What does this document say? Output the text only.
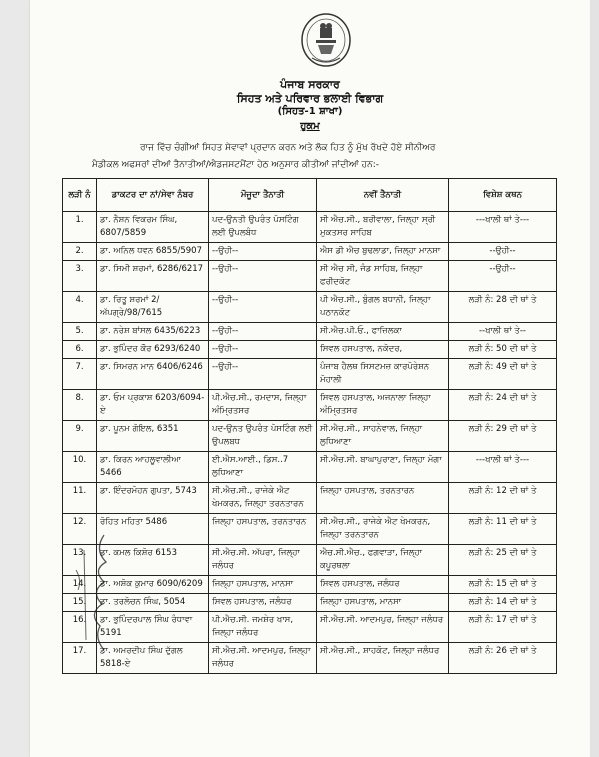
ਪੰਜਾਬ ਸਰਕਾਰ
ਸਿਹਤ ਅਤੇ ਪਰਿਵਾਰ ਭਲਾਈ ਵਿਭਾਗ
(ਸਿਹਤ-1 ਸ਼ਾਖਾ)
ਹੁਕਮ
ਰਾਜ ਵਿੱਚ ਚੰਗੀਆਂ ਸਿਹਤ ਸੇਵਾਵਾਂ ਪ੍ਰਦਾਨ ਕਰਨ ਅਤੇ ਲੋਕ ਹਿਤ ਨੂੰ ਮੁੱਖ ਰੱਖਦੇ ਹੋਏ ਸੀਨੀਅਰ
ਮੈਡੀਕਲ ਅਫਸਰਾਂ ਦੀਆਂ ਤੈਨਾਤੀਆਂ/ਐਡਜਸਟਮੈਂਟਾ ਹੇਠ ਅਨੁਸਾਰ ਕੀਤੀਆਂ ਜਾਂਦੀਆਂ ਹਨ:-
ਲੜੀ ਨੰ	ਡਾਕਟਰ ਦਾ ਨਾਂ/ਸੇਵਾ ਨੰਬਰ	ਮੌਜੂਦਾ ਤੈਨਾਤੀ	ਨਵੀਂ ਤੈਨਾਤੀ	ਵਿਸ਼ੇਸ਼ ਕਥਨ
1.	ਡਾ. ਨੈਸ਼ਨ ਵਿਕਰਮ ਸਿੰਘ, 6807/5859	ਪਦ-ਉਨਤੀ ਉਪਰੰਤ ਪੋਸਟਿੰਗ ਲਈ ਉਪਲਬੰਧ	ਸੀ ਐਚ.ਸੀ., ਬਰੀਵਾਲਾ, ਜਿਲ੍ਹਾ ਸ੍ਰੀ ਮੁਕਤਸਰ ਸਾਹਿਬ	---ਖਾਲੀ ਥਾਂ ਤੇ---
2.	ਡਾ. ਅਨਿਲ ਧਵਨ 6855/5907	--ਉਹੀ--	ਐਸ ਡੀ ਐਚ ਬੁਢਲਾਡਾ, ਜਿਲ੍ਹਾ ਮਾਨਸਾ	--ਉਹੀ--
3.	ਡਾ. ਸਿਮੀ ਸ਼ਰਮਾਂ, 6286/6217	--ਉਹੀ--	ਸੀ ਐਚ ਸੀ, ਜੰਡ ਸਾਹਿਬ, ਜਿਲ੍ਹਾ ਫਰੀਦਕੋਟ	--ਉਹੀ--
4.	ਡਾ. ਰਿਤੂ ਸ਼ਰਮਾਂ 2/ਅੱਪਗ੍ਰੇ/98/7615	--ਉਹੀ--	ਪੀ ਐਚ.ਸੀ., ਬੁੰਗਲ ਬਧਾਨੀ, ਜਿਲ੍ਹਾ ਪਠਾਨਕੋਟ	ਲੜੀ ਨੰ: 28 ਦੀ ਥਾਂ ਤੇ
5.	ਡਾ. ਨਰੇਸ਼ ਬਾਂਸਲ 6435/6223	--ਉਹੀ--	ਸੀ.ਐਚ.ਪੀ.ਓ., ਫਾਜ਼ਿਲਕਾ	--ਖਾਲੀ ਥਾਂ ਤੇ--
6.	ਡਾ. ਭੁਪਿੰਦਰ ਕੌਰ 6293/6240	--ਉਹੀ--	ਸਿਵਲ ਹਸਪਤਾਲ, ਨਕੋਦਰ,	ਲੜੀ ਨੰ: 50 ਦੀ ਥਾਂ ਤੇ
7.	ਡਾ. ਸਿਮਰਨ ਮਾਨ 6406/6246	--ਉਹੀ--	ਪੰਜਾਬ ਹੈਲਥ ਸਿਸਟਮਜ਼ ਕਾਰਪੋਰੇਸ਼ਨ ਮੋਹਾਲੀ	ਲੜੀ ਨੰ: 49 ਦੀ ਥਾਂ ਤੇ
8.	ਡਾ. ਓਮ ਪ੍ਰਕਾਸ਼ 6203/6094-ਏ	ਪੀ.ਐਚ.ਸੀ., ਰਮਦਾਸ, ਜਿਲ੍ਹਾ ਅੰਮ੍ਰਿਤਸਰ	ਸਿਵਲ ਹਸਪਤਾਲ, ਅਜਨਾਲਾ ਜਿਲ੍ਹਾ ਅੰਮ੍ਰਿਤਸਰ	ਲੜੀ ਨੰ: 24 ਦੀ ਥਾਂ ਤੇ
9.	ਡਾ. ਪੂਨਮ ਗੋਇਲ, 6351	ਪਦ-ਉਨਤ ਉਪਰੰਤ ਪੋਸਟਿੰਗ ਲਈ ਉਪਲਬਧ	ਸੀ.ਐਚ.ਸੀ., ਸਾਹਨੇਵਾਲ, ਜਿਲ੍ਹਾ ਲੁਧਿਆਣਾ	ਲੜੀ ਨੰ: 29 ਦੀ ਥਾਂ ਤੇ
10.	ਡਾ. ਕਿਰਨ ਆਹਲੂਵਾਲੀਆ 5466	ਈ.ਐਸ.ਆਈ., ਡਿਸ..7 ਲੁਧਿਆਣਾ	ਸੀ.ਐਚ.ਸੀ. ਬਾਘਾਪੁਰਾਣਾ, ਜਿਲ੍ਹਾ ਮੋਗਾ	---ਖਾਲੀ ਥਾਂ ਤੇ---
11.	ਡਾ. ਇੰਦਰਮੋਹਨ ਗੁਪਤਾ, 5743	ਸੀ.ਐਚ.ਸੀ., ਰਾਜੇਕੇ ਐਟ ਖੇਮਕਰਨ, ਜਿਲ੍ਹਾ ਤਰਨਤਾਰਨ	ਜਿਲ੍ਹਾ ਹਸਪਤਾਲ, ਤਰਨਤਾਰਨ	ਲੜੀ ਨੰ: 12 ਦੀ ਥਾਂ ਤੇ
12.	ਰੋਹਿਤ ਮਹਿਤਾ 5486	ਜਿਲ੍ਹਾ ਹਸਪਤਾਲ, ਤਰਨਤਾਰਨ	ਸੀ.ਐਚ.ਸੀ., ਰਾਜੇਕੇ ਐਟ ਖੇਮਕਰਨ, ਜਿਲ੍ਹਾ ਤਰਨਤਾਰਨ	ਲੜੀ ਨੰ: 11 ਦੀ ਥਾਂ ਤੇ
13.	ਡਾ. ਕਮਲ ਕਿਸ਼ੋਰ 6153	ਸੀ.ਐਚ.ਸੀ. ਅੱਪਰਾ, ਜਿਲ੍ਹਾ ਜਲੰਧਰ	ਐਚ.ਸੀ.ਐਚ., ਫਗਵਾੜਾ, ਜਿਲ੍ਹਾ ਕਪੂਰਥਲਾ	ਲੜੀ ਨੰ: 25 ਦੀ ਥਾਂ ਤੇ
14.	ਡਾ. ਅਸ਼ੋਕ ਕੁਮਾਰ 6090/6209	ਜਿਲ੍ਹਾ ਹਸਪਤਾਲ, ਮਾਨਸਾ	ਸਿਵਲ ਹਸਪਤਾਲ, ਜਲੰਧਰ	ਲੜੀ ਨੰ: 15 ਦੀ ਥਾਂ ਤੇ
15.	ਡਾ. ਤਰਲੋਚਨ ਸਿੰਘ, 5054	ਸਿਵਲ ਹਸਪਤਾਲ, ਜਲੰਧਰ	ਜਿਲ੍ਹਾ ਹਸਪਤਾਲ, ਮਾਨਸਾ	ਲੜੀ ਨੰ: 14 ਦੀ ਥਾਂ ਤੇ
16.	ਡਾ. ਭੁਪਿੰਦਰਪਾਲ ਸਿੰਘ ਰੰਧਾਵਾ 5191	ਪੀ.ਐਚ.ਸੀ. ਜਮਸ਼ੇਰ ਖਾਸ, ਜਿਲ੍ਹਾ ਜਲੰਧਰ	ਸੀ.ਐਚ.ਸੀ. ਆਦਮਪੁਰ, ਜਿਲ੍ਹਾ ਜਲੰਧਰ	ਲੜੀ ਨੰ: 17 ਦੀ ਥਾਂ ਤੇ
17.	ਡਾ. ਅਮਰਦੀਪ ਸਿੰਘ ਦੁੱਗਲ 5818-ਏ	ਸੀ.ਐਚ.ਸੀ. ਆਦਮਪੁਰ, ਜਿਲ੍ਹਾ ਜਲੰਧਰ	ਸੀ.ਐਚ.ਸੀ., ਸ਼ਾਹਕੋਟ, ਜਿਲ੍ਹਾ ਜਲੰਧਰ	ਲੜੀ ਨੰ: 26 ਦੀ ਥਾਂ ਤੇ
